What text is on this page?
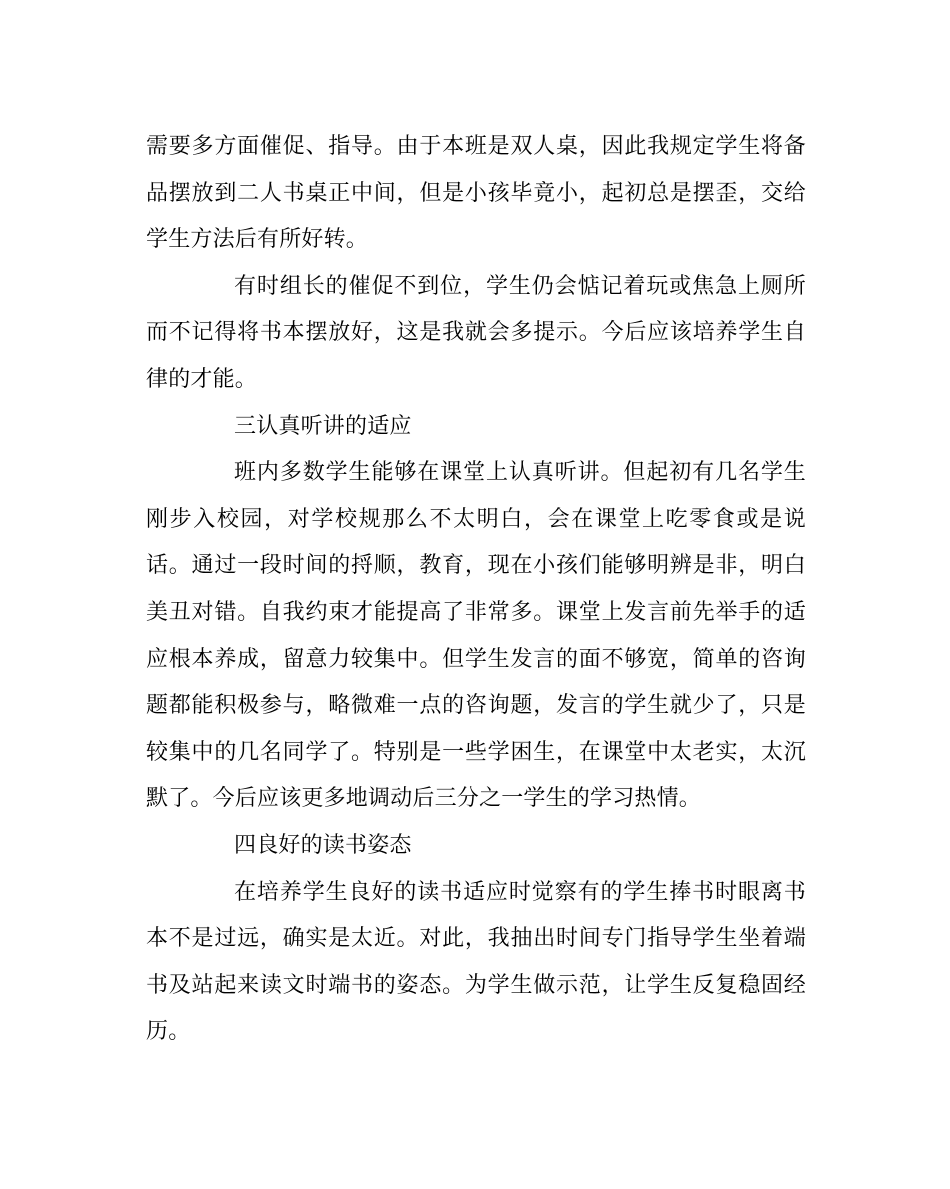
需要多方面催促、指导。由于本班是双人桌，因此我规定学生将备品摆放到二人书桌正中间，但是小孩毕竟小，起初总是摆歪，交给学生方法后有所好转。

有时组长的催促不到位，学生仍会惦记着玩或焦急上厕所而不记得将书本摆放好，这是我就会多提示。今后应该培养学生自律的才能。

三认真听讲的适应

班内多数学生能够在课堂上认真听讲。但起初有几名学生刚步入校园，对学校规那么不太明白，会在课堂上吃零食或是说话。通过一段时间的捋顺，教育，现在小孩们能够明辨是非，明白美丑对错。自我约束才能提高了非常多。课堂上发言前先举手的适应根本养成，留意力较集中。但学生发言的面不够宽，简单的咨询题都能积极参与，略微难一点的咨询题，发言的学生就少了，只是较集中的几名同学了。特别是一些学困生，在课堂中太老实，太沉默了。今后应该更多地调动后三分之一学生的学习热情。

四良好的读书姿态

在培养学生良好的读书适应时觉察有的学生捧书时眼离书本不是过远，确实是太近。对此，我抽出时间专门指导学生坐着端书及站起来读文时端书的姿态。为学生做示范，让学生反复稳固经历。
